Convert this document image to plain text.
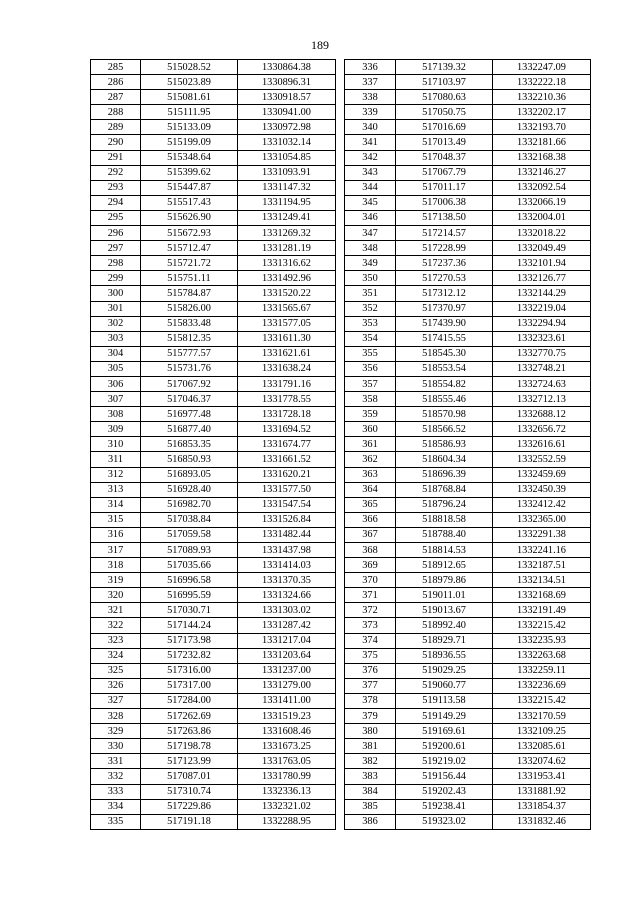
189
285	515028.52	1330864.38
286	515023.89	1330896.31
287	515081.61	1330918.57
288	515111.95	1330941.00
289	515133.09	1330972.98
290	515199.09	1331032.14
291	515348.64	1331054.85
292	515399.62	1331093.91
293	515447.87	1331147.32
294	515517.43	1331194.95
295	515626.90	1331249.41
296	515672.93	1331269.32
297	515712.47	1331281.19
298	515721.72	1331316.62
299	515751.11	1331492.96
300	515784.87	1331520.22
301	515826.00	1331565.67
302	515833.48	1331577.05
303	515812.35	1331611.30
304	515777.57	1331621.61
305	515731.76	1331638.24
306	517067.92	1331791.16
307	517046.37	1331778.55
308	516977.48	1331728.18
309	516877.40	1331694.52
310	516853.35	1331674.77
311	516850.93	1331661.52
312	516893.05	1331620.21
313	516928.40	1331577.50
314	516982.70	1331547.54
315	517038.84	1331526.84
316	517059.58	1331482.44
317	517089.93	1331437.98
318	517035.66	1331414.03
319	516996.58	1331370.35
320	516995.59	1331324.66
321	517030.71	1331303.02
322	517144.24	1331287.42
323	517173.98	1331217.04
324	517232.82	1331203.64
325	517316.00	1331237.00
326	517317.00	1331279.00
327	517284.00	1331411.00
328	517262.69	1331519.23
329	517263.86	1331608.46
330	517198.78	1331673.25
331	517123.99	1331763.05
332	517087.01	1331780.99
333	517310.74	1332336.13
334	517229.86	1332321.02
335	517191.18	1332288.95
336	517139.32	1332247.09
337	517103.97	1332222.18
338	517080.63	1332210.36
339	517050.75	1332202.17
340	517016.69	1332193.70
341	517013.49	1332181.66
342	517048.37	1332168.38
343	517067.79	1332146.27
344	517011.17	1332092.54
345	517006.38	1332066.19
346	517138.50	1332004.01
347	517214.57	1332018.22
348	517228.99	1332049.49
349	517237.36	1332101.94
350	517270.53	1332126.77
351	517312.12	1332144.29
352	517370.97	1332219.04
353	517439.90	1332294.94
354	517415.55	1332323.61
355	518545.30	1332770.75
356	518553.54	1332748.21
357	518554.82	1332724.63
358	518555.46	1332712.13
359	518570.98	1332688.12
360	518566.52	1332656.72
361	518586.93	1332616.61
362	518604.34	1332552.59
363	518696.39	1332459.69
364	518768.84	1332450.39
365	518796.24	1332412.42
366	518818.58	1332365.00
367	518788.40	1332291.38
368	518814.53	1332241.16
369	518912.65	1332187.51
370	518979.86	1332134.51
371	519011.01	1332168.69
372	519013.67	1332191.49
373	518992.40	1332215.42
374	518929.71	1332235.93
375	518936.55	1332263.68
376	519029.25	1332259.11
377	519060.77	1332236.69
378	519113.58	1332215.42
379	519149.29	1332170.59
380	519169.61	1332109.25
381	519200.61	1332085.61
382	519219.02	1332074.62
383	519156.44	1331953.41
384	519202.43	1331881.92
385	519238.41	1331854.37
386	519323.02	1331832.46
